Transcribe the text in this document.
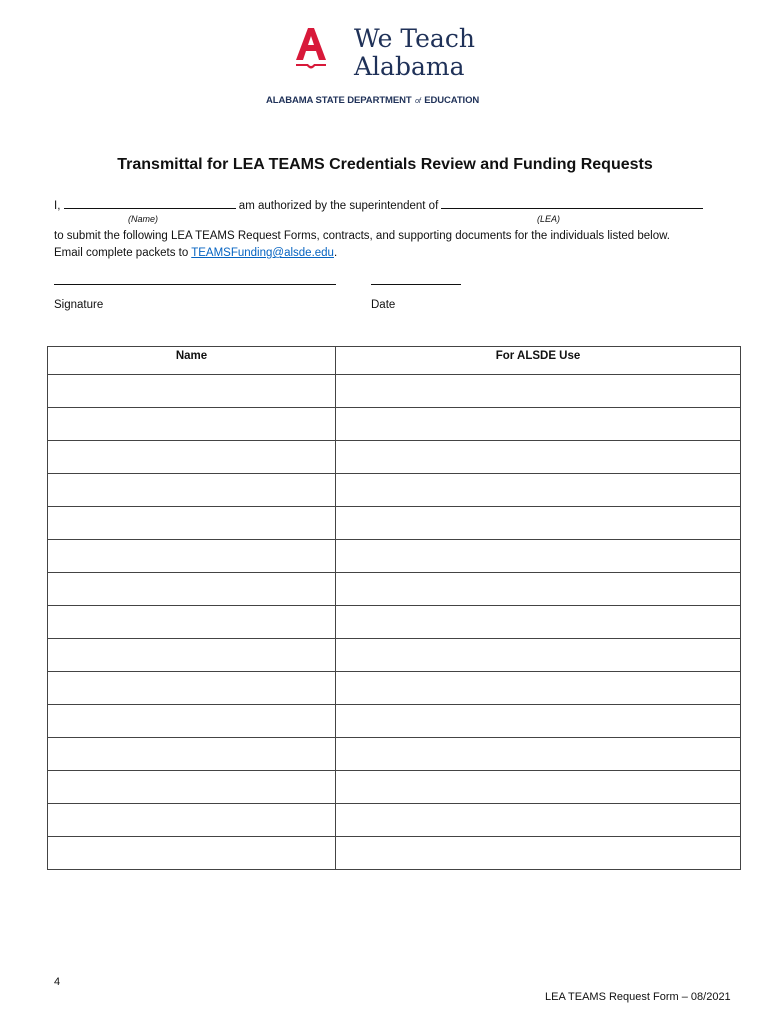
We Teach
Alabama
ALABAMA STATE DEPARTMENT of EDUCATION
Transmittal for LEA TEAMS Credentials Review and Funding Requests
I,	am authorized by the superintendent of
(Name)	(LEA)
to submit the following LEA TEAMS Request Forms, contracts, and supporting documents for the individuals listed below.
Email complete packets to TEAMSFunding@alsde.edu.
Signature	Date
Name	For ALSDE Use

4
LEA TEAMS Request Form – 08/2021
